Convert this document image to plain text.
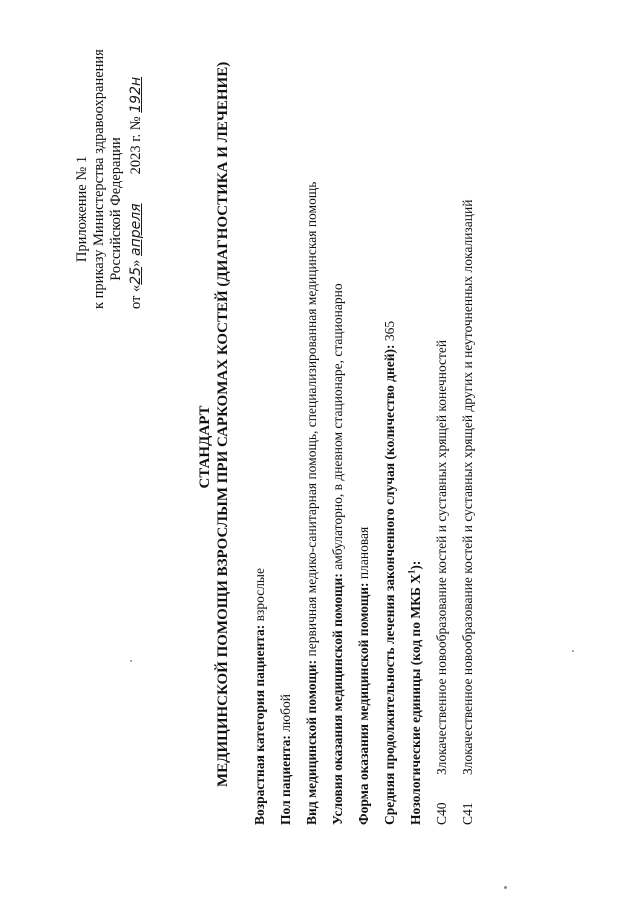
Приложение № 1 к приказу Министерства здравоохранения Российской Федерации
от «25» апреля        2023 г. № 192н
СТАНДАРТ МЕДИЦИНСКОЙ ПОМОЩИ ВЗРОСЛЫМ ПРИ САРКОМАХ КОСТЕЙ (ДИАГНОСТИКА И ЛЕЧЕНИЕ) Возрастная категория пациента: взрослые
Пол пациента: любой Вид медицинской помощи: первичная медико-санитарная помощь, специализированная медицинская помощь
Условия оказания медицинской помощи: амбулаторно, в дневном стационаре, стационарно
Форма оказания медицинской помощи: плановая Средняя продолжительность лечения законченного случая (количество дней): 365
Нозологические единицы (код по МКБ $X^1$):
C40Злокачественное новообразование костей и суставных хрящей конечностей
C41Злокачественное новообразование костей и суставных хрящей других и неуточненных локализаций
